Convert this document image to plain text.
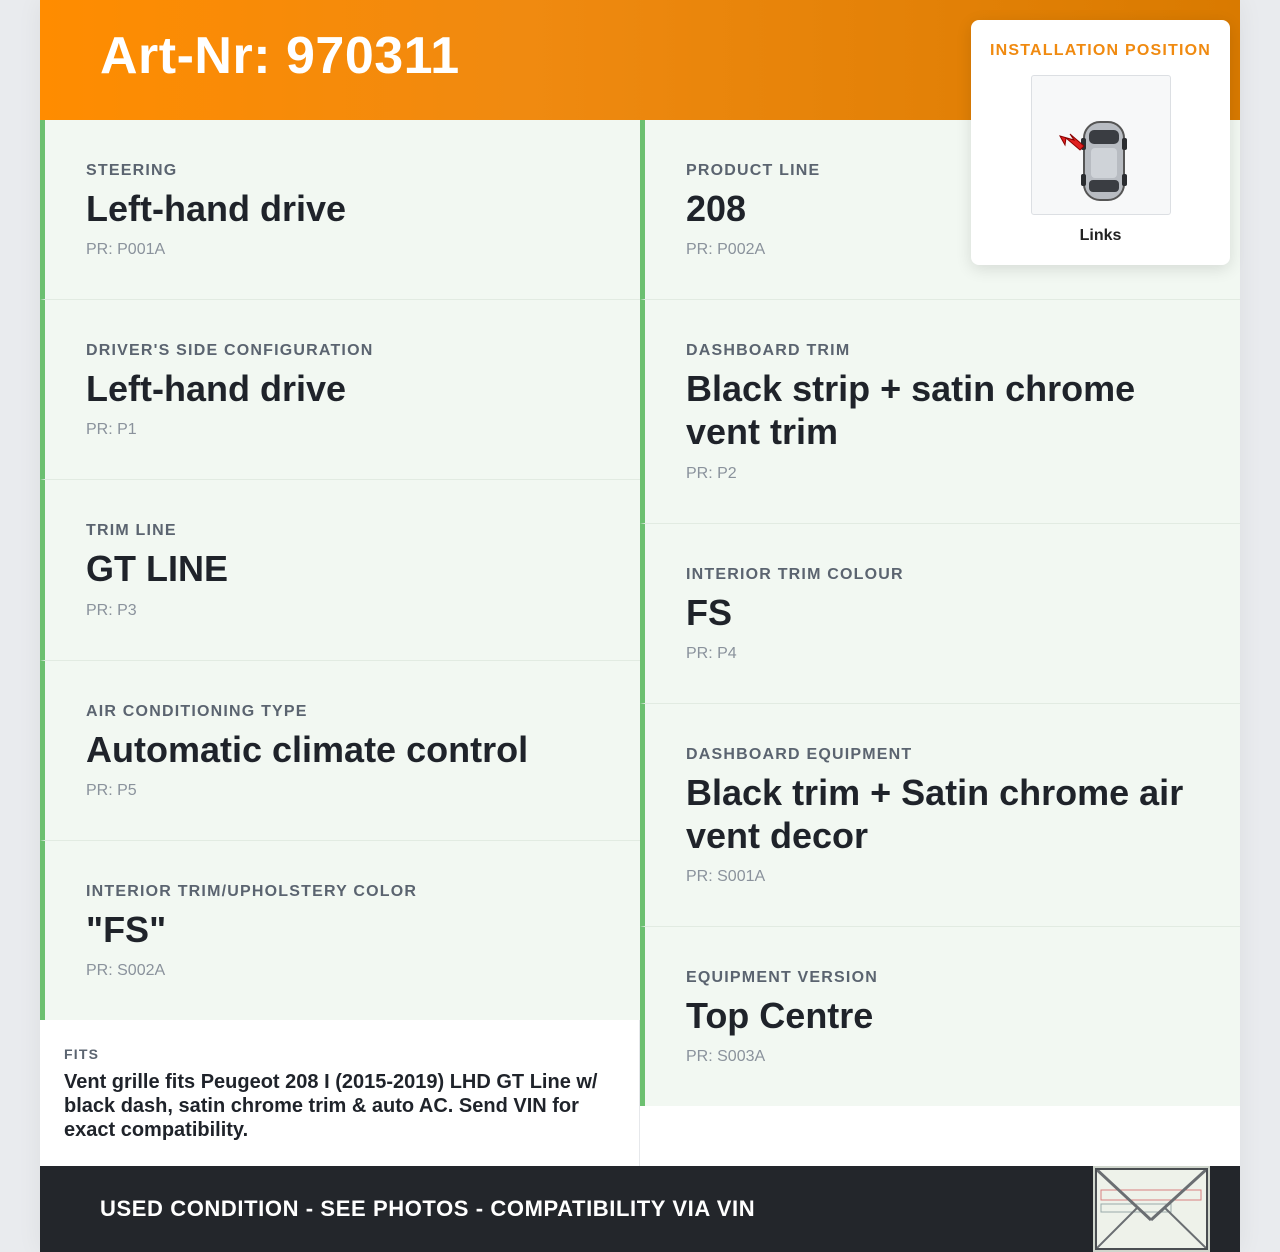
Art-Nr: 970311
STEERING
Left-hand drive
PR: P001A
DRIVER'S SIDE CONFIGURATION
Left-hand drive
PR: P1
TRIM LINE
GT LINE
PR: P3
AIR CONDITIONING TYPE
Automatic climate control
PR: P5
INTERIOR TRIM/UPHOLSTERY COLOR
"FS"
PR: S002A
PRODUCT LINE
208
PR: P002A
DASHBOARD TRIM
Black strip + satin chrome vent trim
PR: P2
INTERIOR TRIM COLOUR
FS
PR: P4
DASHBOARD EQUIPMENT
Black trim + Satin chrome air vent decor
PR: S001A
EQUIPMENT VERSION
Top Centre
PR: S003A
FITS
Vent grille fits Peugeot 208 I (2015-2019) LHD GT Line w/ black dash, satin chrome trim & auto AC. Send VIN for exact compatibility.
INSTALLATION POSITION
Links
USED CONDITION - SEE PHOTOS - COMPATIBILITY VIA VIN
